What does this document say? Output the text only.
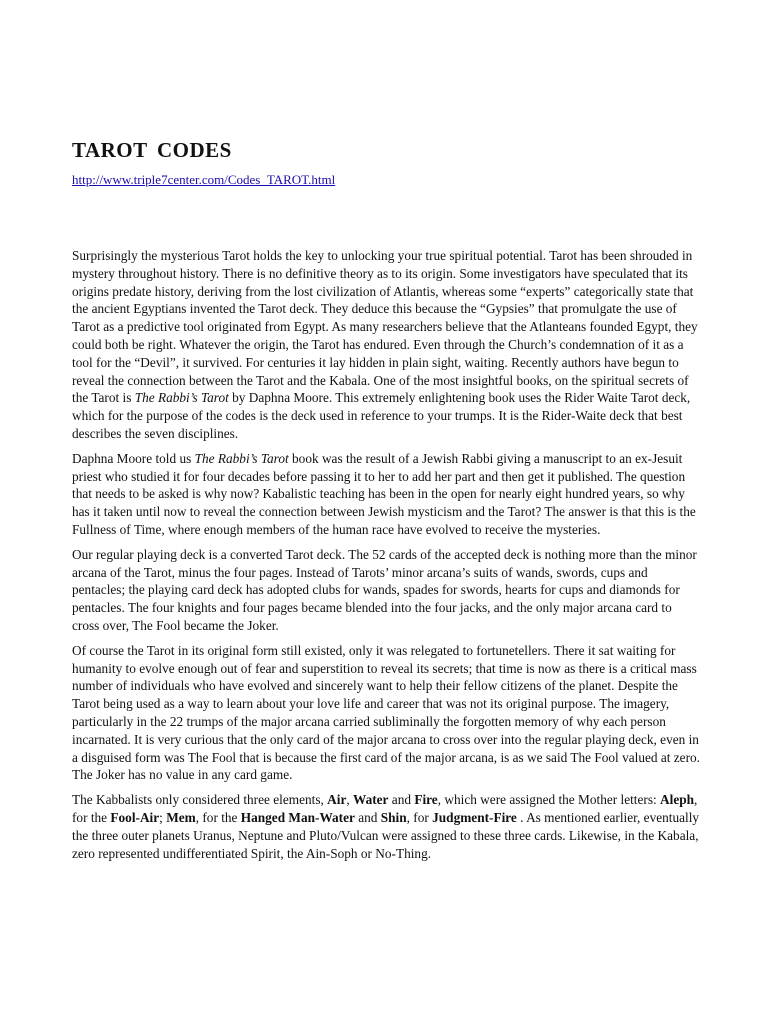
TAROT CODES
http://www.triple7center.com/Codes_TAROT.html

Surprisingly the mysterious Tarot holds the key to unlocking your true spiritual potential. Tarot has been shrouded in mystery throughout history. There is no definitive theory as to its origin. Some investigators have speculated that its origins predate history, deriving from the lost civilization of Atlantis, whereas some “experts” categorically state that the ancient Egyptians invented the Tarot deck. They deduce this because the “Gypsies” that promulgate the use of Tarot as a predictive tool originated from Egypt. As many researchers believe that the Atlanteans founded Egypt, they could both be right. Whatever the origin, the Tarot has endured. Even through the Church’s condemnation of it as a tool for the “Devil”, it survived. For centuries it lay hidden in plain sight, waiting. Recently authors have begun to reveal the connection between the Tarot and the Kabala. One of the most insightful books, on the spiritual secrets of the Tarot is The Rabbi’s Tarot by Daphna Moore. This extremely enlightening book uses the Rider Waite Tarot deck, which for the purpose of the codes is the deck used in reference to your trumps. It is the Rider-Waite deck that best describes the seven disciplines.

Daphna Moore told us The Rabbi’s Tarot book was the result of a Jewish Rabbi giving a manuscript to an ex-Jesuit priest who studied it for four decades before passing it to her to add her part and then get it published. The question that needs to be asked is why now? Kabalistic teaching has been in the open for nearly eight hundred years, so why has it taken until now to reveal the connection between Jewish mysticism and the Tarot? The answer is that this is the Fullness of Time, where enough members of the human race have evolved to receive the mysteries.

Our regular playing deck is a converted Tarot deck. The 52 cards of the accepted deck is nothing more than the minor arcana of the Tarot, minus the four pages. Instead of Tarots’ minor arcana’s suits of wands, swords, cups and pentacles; the playing card deck has adopted clubs for wands, spades for swords, hearts for cups and diamonds for pentacles. The four knights and four pages became blended into the four jacks, and the only major arcana card to cross over, The Fool became the Joker.

Of course the Tarot in its original form still existed, only it was relegated to fortunetellers. There it sat waiting for humanity to evolve enough out of fear and superstition to reveal its secrets; that time is now as there is a critical mass number of individuals who have evolved and sincerely want to help their fellow citizens of the planet. Despite the Tarot being used as a way to learn about your love life and career that was not its original purpose. The imagery, particularly in the 22 trumps of the major arcana carried subliminally the forgotten memory of why each person incarnated. It is very curious that the only card of the major arcana to cross over into the regular playing deck, even in a disguised form was The Fool that is because the first card of the major arcana, is as we said The Fool valued at zero. The Joker has no value in any card game.

The Kabbalists only considered three elements, Air, Water and Fire, which were assigned the Mother letters: Aleph, for the Fool-Air; Mem, for the Hanged Man-Water and Shin, for Judgment-Fire . As mentioned earlier, eventually the three outer planets Uranus, Neptune and Pluto/Vulcan were assigned to these three cards. Likewise, in the Kabala, zero represented undifferentiated Spirit, the Ain-Soph or No-Thing.
